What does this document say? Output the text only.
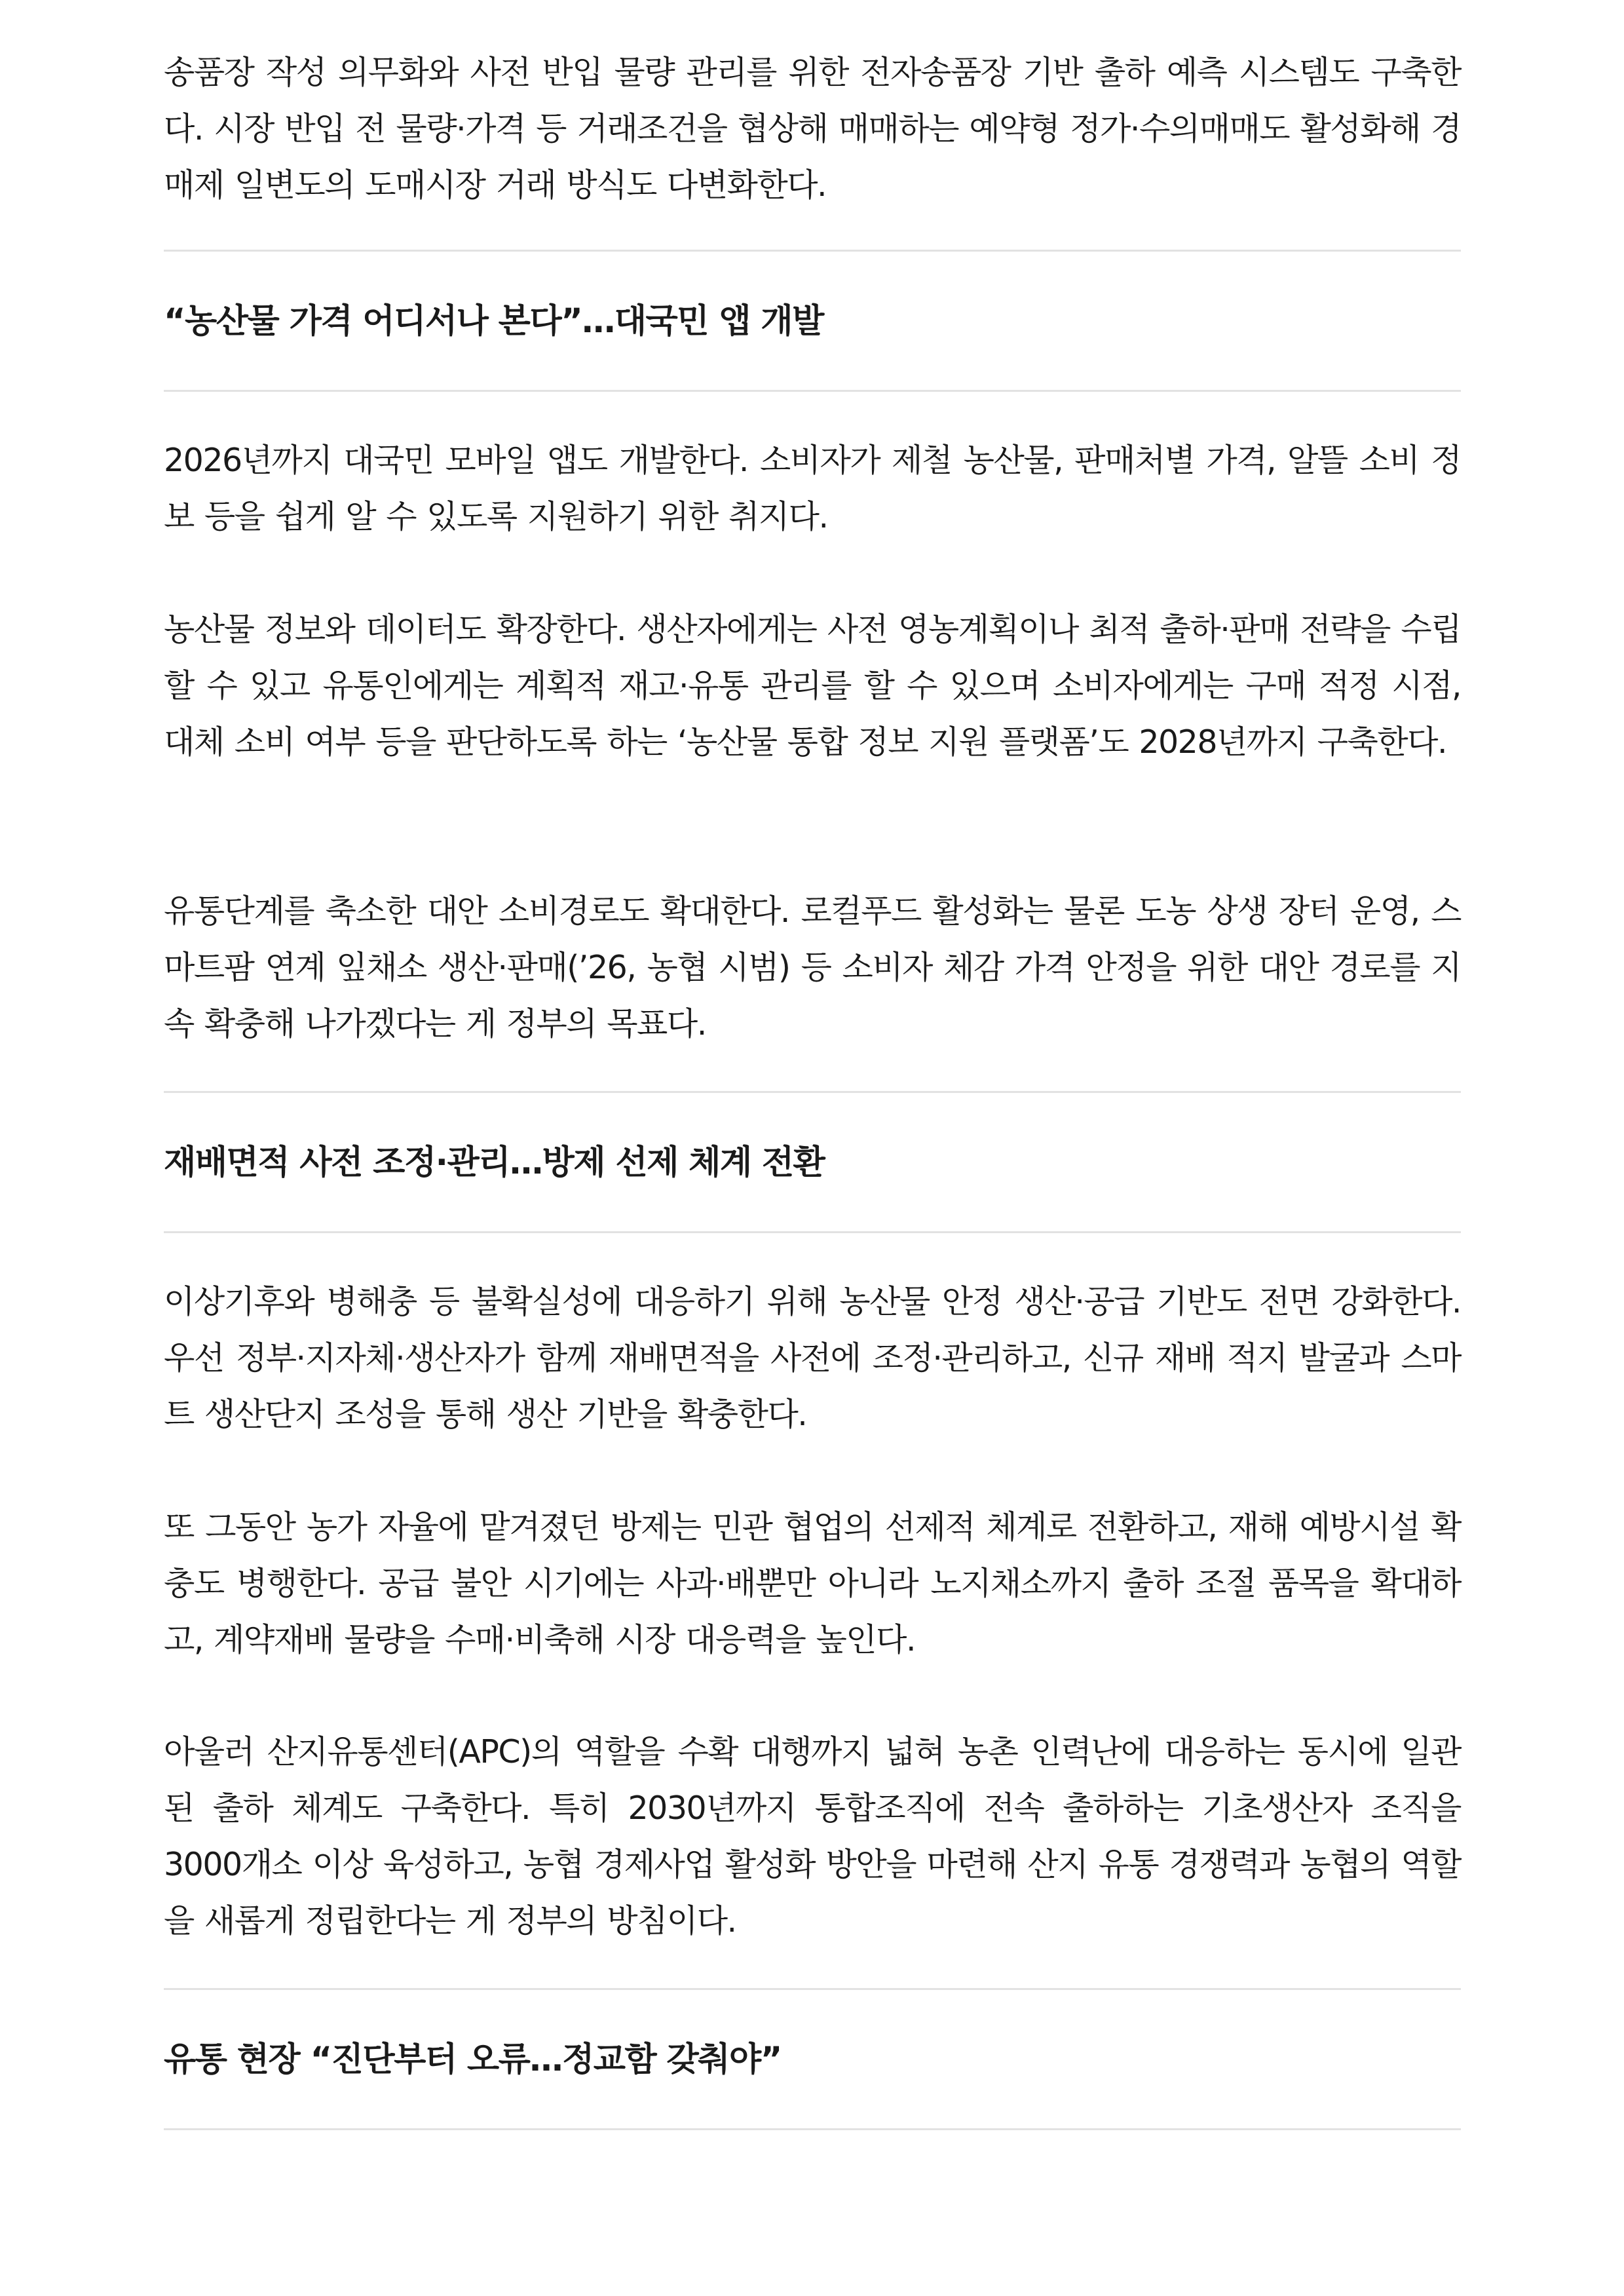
송품장 작성 의무화와 사전 반입 물량 관리를 위한 전자송품장 기반 출하 예측 시스템도 구축한다. 시장 반입 전 물량·가격 등 거래조건을 협상해 매매하는 예약형 정가·수의매매도 활성화해 경매제 일변도의 도매시장 거래 방식도 다변화한다.

“농산물 가격 어디서나 본다”…대국민 앱 개발

2026년까지 대국민 모바일 앱도 개발한다. 소비자가 제철 농산물, 판매처별 가격, 알뜰 소비 정보 등을 쉽게 알 수 있도록 지원하기 위한 취지다.

농산물 정보와 데이터도 확장한다. 생산자에게는 사전 영농계획이나 최적 출하·판매 전략을 수립할 수 있고 유통인에게는 계획적 재고·유통 관리를 할 수 있으며 소비자에게는 구매 적정 시점, 대체 소비 여부 등을 판단하도록 하는 ‘농산물 통합 정보 지원 플랫폼’도 2028년까지 구축한다.

유통단계를 축소한 대안 소비경로도 확대한다. 로컬푸드 활성화는 물론 도농 상생 장터 운영, 스마트팜 연계 잎채소 생산·판매(’26, 농협 시범) 등 소비자 체감 가격 안정을 위한 대안 경로를 지속 확충해 나가겠다는 게 정부의 목표다.

재배면적 사전 조정·관리…방제 선제 체계 전환

이상기후와 병해충 등 불확실성에 대응하기 위해 농산물 안정 생산·공급 기반도 전면 강화한다. 우선 정부·지자체·생산자가 함께 재배면적을 사전에 조정·관리하고, 신규 재배 적지 발굴과 스마트 생산단지 조성을 통해 생산 기반을 확충한다.

또 그동안 농가 자율에 맡겨졌던 방제는 민관 협업의 선제적 체계로 전환하고, 재해 예방시설 확충도 병행한다. 공급 불안 시기에는 사과·배뿐만 아니라 노지채소까지 출하 조절 품목을 확대하고, 계약재배 물량을 수매·비축해 시장 대응력을 높인다.

아울러 산지유통센터(APC)의 역할을 수확 대행까지 넓혀 농촌 인력난에 대응하는 동시에 일관된 출하 체계도 구축한다. 특히 2030년까지 통합조직에 전속 출하하는 기초생산자 조직을 3000개소 이상 육성하고, 농협 경제사업 활성화 방안을 마련해 산지 유통 경쟁력과 농협의 역할을 새롭게 정립한다는 게 정부의 방침이다.

유통 현장 “진단부터 오류…정교함 갖춰야”
